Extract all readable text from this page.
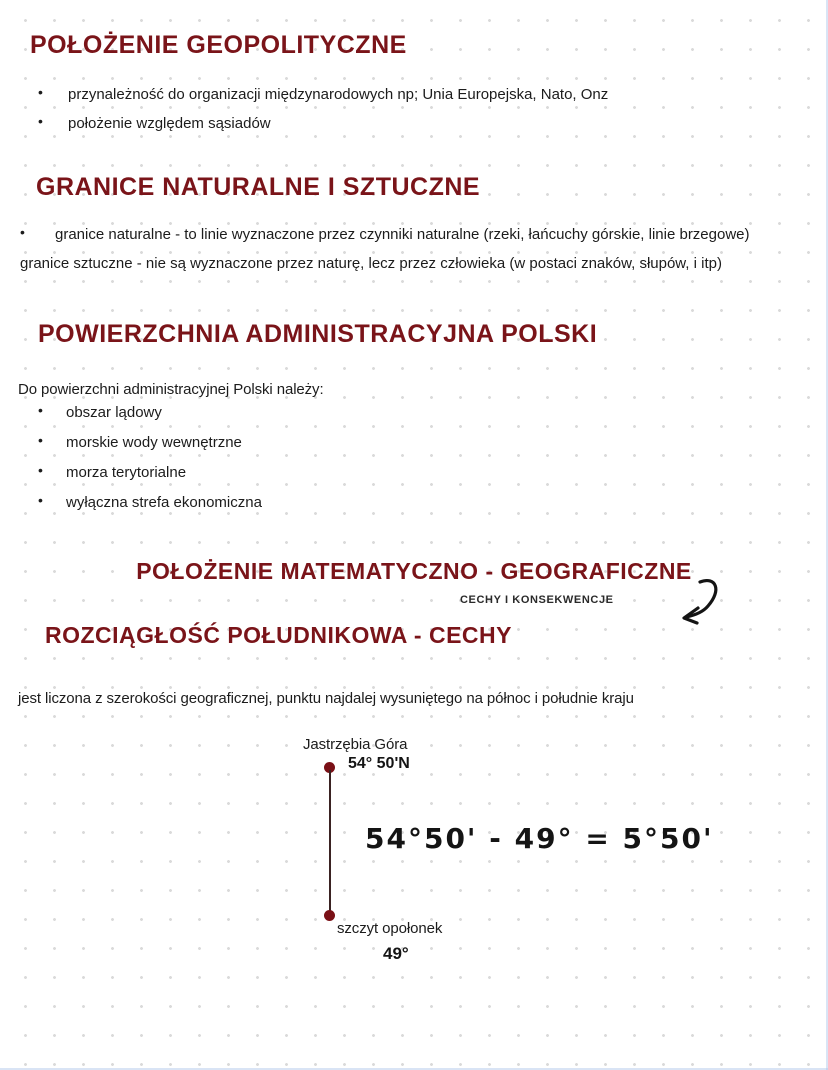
POŁOŻENIE GEOPOLITYCZNE
•	przynależność do organizacji międzynarodowych np; Unia Europejska, Nato, Onz
•	położenie względem sąsiadów
GRANICE NATURALNE I SZTUCZNE
•	granice naturalne - to linie wyznaczone przez czynniki naturalne (rzeki, łańcuchy górskie, linie brzegowe)
granice sztuczne - nie są wyznaczone przez naturę, lecz przez człowieka (w postaci znaków, słupów, i itp)
POWIERZCHNIA ADMINISTRACYJNA POLSKI
Do powierzchni administracyjnej Polski należy:
•	obszar lądowy
•	morskie wody wewnętrzne
•	morza terytorialne
•	wyłączna strefa ekonomiczna
POŁOŻENIE MATEMATYCZNO - GEOGRAFICZNE
CECHY I KONSEKWENCJE
ROZCIĄGŁOŚĆ POŁUDNIKOWA - CECHY
jest liczona z szerokości geograficznej, punktu najdalej wysuniętego na północ i południe kraju
Jastrzębia Góra
54° 50'N
szczyt opołonek
49°
54°50' - 49° = 5°50'
